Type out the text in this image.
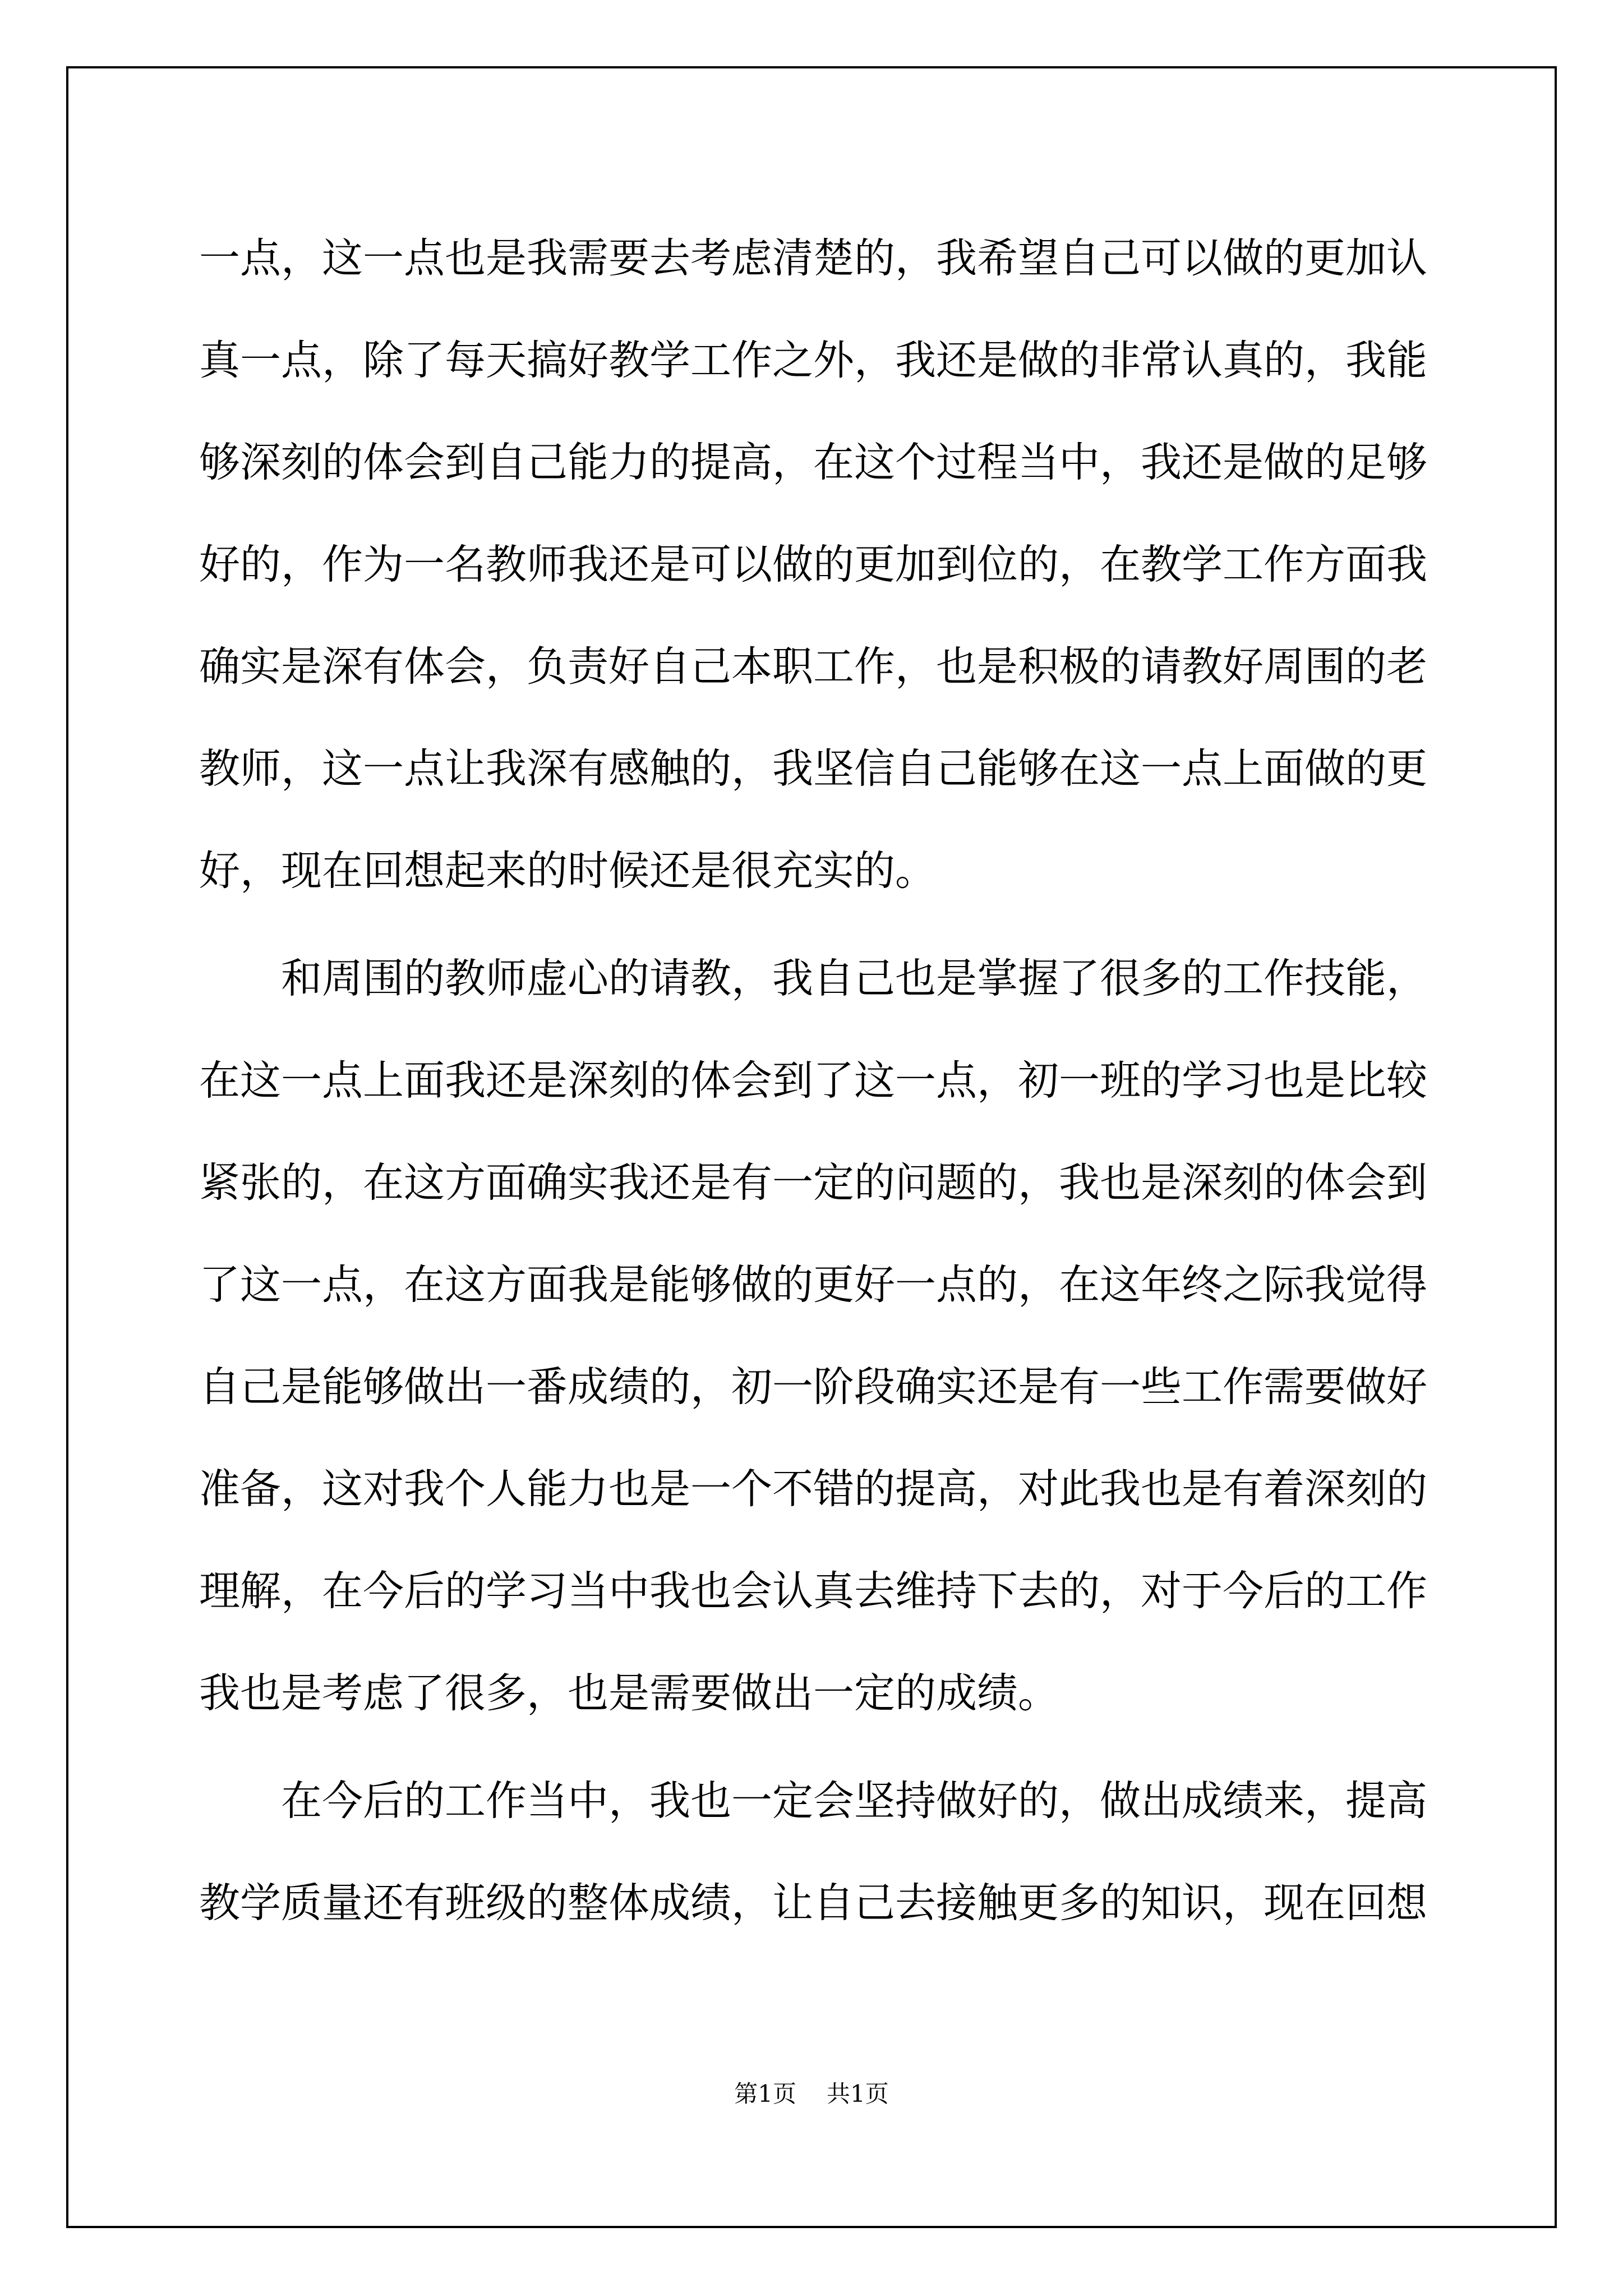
一点，这一点也是我需要去考虑清楚的，我希望自己可以做的更加认
真一点，除了每天搞好教学工作之外，我还是做的非常认真的，我能
够深刻的体会到自己能力的提高，在这个过程当中，我还是做的足够
好的，作为一名教师我还是可以做的更加到位的，在教学工作方面我
确实是深有体会，负责好自己本职工作，也是积极的请教好周围的老
教师，这一点让我深有感触的，我坚信自己能够在这一点上面做的更
好，现在回想起来的时候还是很充实的。
和周围的教师虚心的请教，我自己也是掌握了很多的工作技能，
在这一点上面我还是深刻的体会到了这一点，初一班的学习也是比较
紧张的，在这方面确实我还是有一定的问题的，我也是深刻的体会到
了这一点，在这方面我是能够做的更好一点的，在这年终之际我觉得
自己是能够做出一番成绩的，初一阶段确实还是有一些工作需要做好
准备，这对我个人能力也是一个不错的提高，对此我也是有着深刻的
理解，在今后的学习当中我也会认真去维持下去的，对于今后的工作
我也是考虑了很多，也是需要做出一定的成绩。
在今后的工作当中，我也一定会坚持做好的，做出成绩来，提高
教学质量还有班级的整体成绩，让自己去接触更多的知识，现在回想
第1页 共1页
